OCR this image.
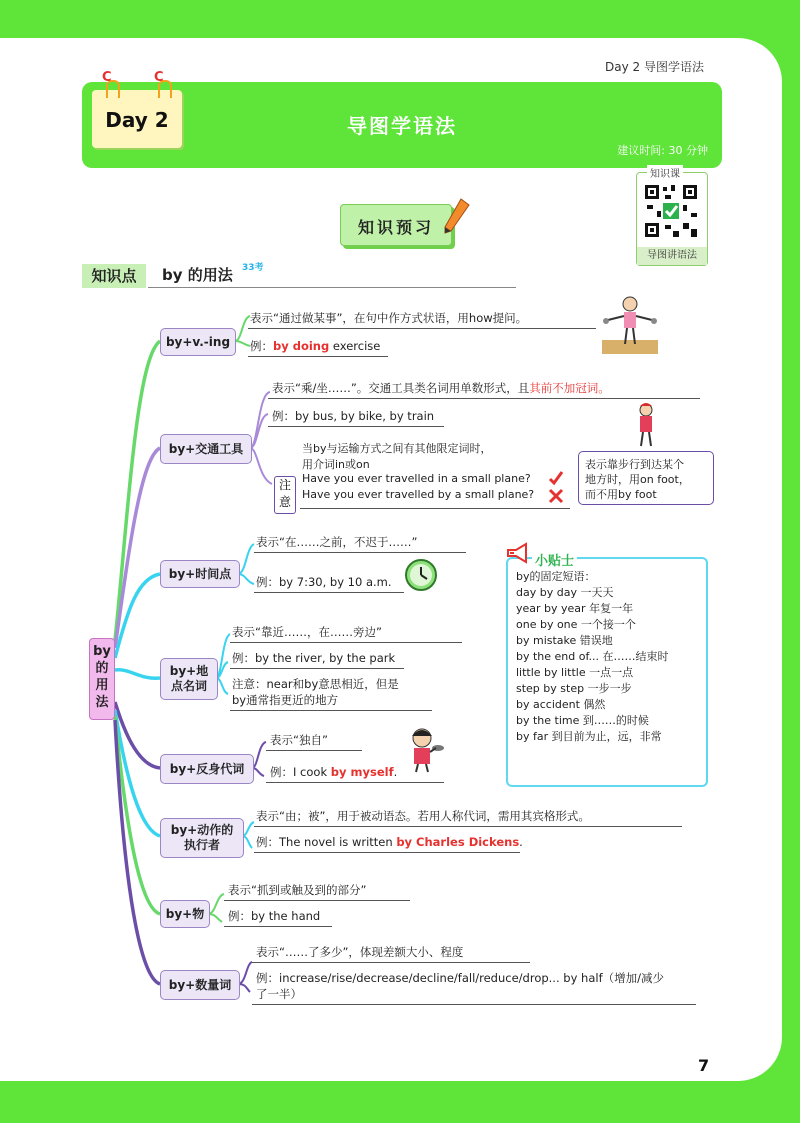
Day 2 导图学语法
导图学语法
建议时间: 30 分钟
C	C
Day 2
知识课
导图讲语法
知识预习
知识点	by 的用法 33考
by
的
用
法
by+v.-ing
表示“通过做某事”，在句中作方式状语，用how提问。
例：by doing exercise
by+交通工具
表示“乘/坐……”。交通工具类名词用单数形式，且其前不加冠词。
例：by bus, by bike, by train
注
意
当by与运输方式之间有其他限定词时，
用介词in或on
Have you ever travelled in a small plane?
Have you ever travelled by a small plane?
表示靠步行到达某个
地方时，用on foot，
而不用by foot
by+时间点
表示“在……之前，不迟于……”
例：by 7:30, by 10 a.m.
by+地
点名词
表示“靠近……，在……旁边”
例：by the river, by the park
注意：near和by意思相近，但是
by通常指更近的地方
by+反身代词
表示“独自”
例：I cook by myself.
by+动作的
执行者
表示“由；被”，用于被动语态。若用人称代词，需用其宾格形式。
例：The novel is written by Charles Dickens.
by+物
表示“抓到或触及到的部分”
例：by the hand
by+数量词
表示“……了多少”，体现差额大小、程度
例：increase/rise/decrease/decline/fall/reduce/drop... by half（增加/减少
了一半）
小贴士
by的固定短语：
day by day 一天天
year by year 年复一年
one by one 一个接一个
by mistake 错误地
by the end of... 在……结束时
little by little 一点一点
step by step 一步一步
by accident 偶然
by the time 到……的时候
by far 到目前为止，远，非常
7
